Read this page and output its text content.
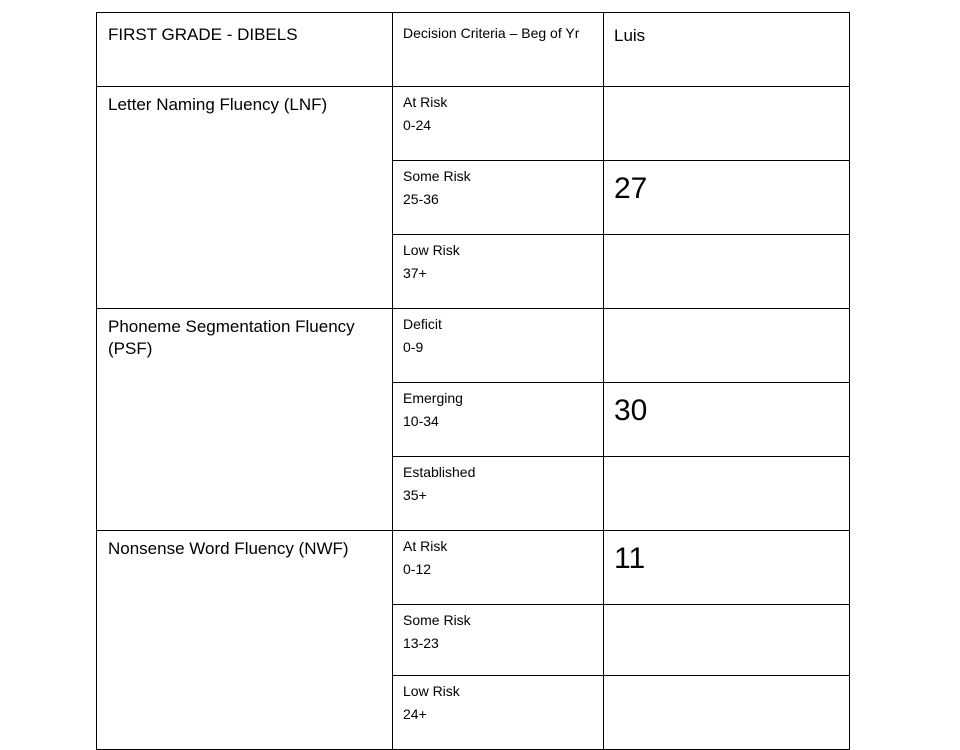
FIRST GRADE - DIBELS	Decision Criteria – Beg of Yr	Luis
Letter Naming Fluency (LNF)	At Risk
0-24	

	Some Risk
25-36	27

	Low Risk
37+	

Phoneme Segmentation Fluency (PSF)	Deficit
0-9	

	Emerging
10-34	30

	Established
35+	

Nonsense Word Fluency (NWF)	At Risk
0-12	11

	Some Risk
13-23	

	Low Risk
24+	
